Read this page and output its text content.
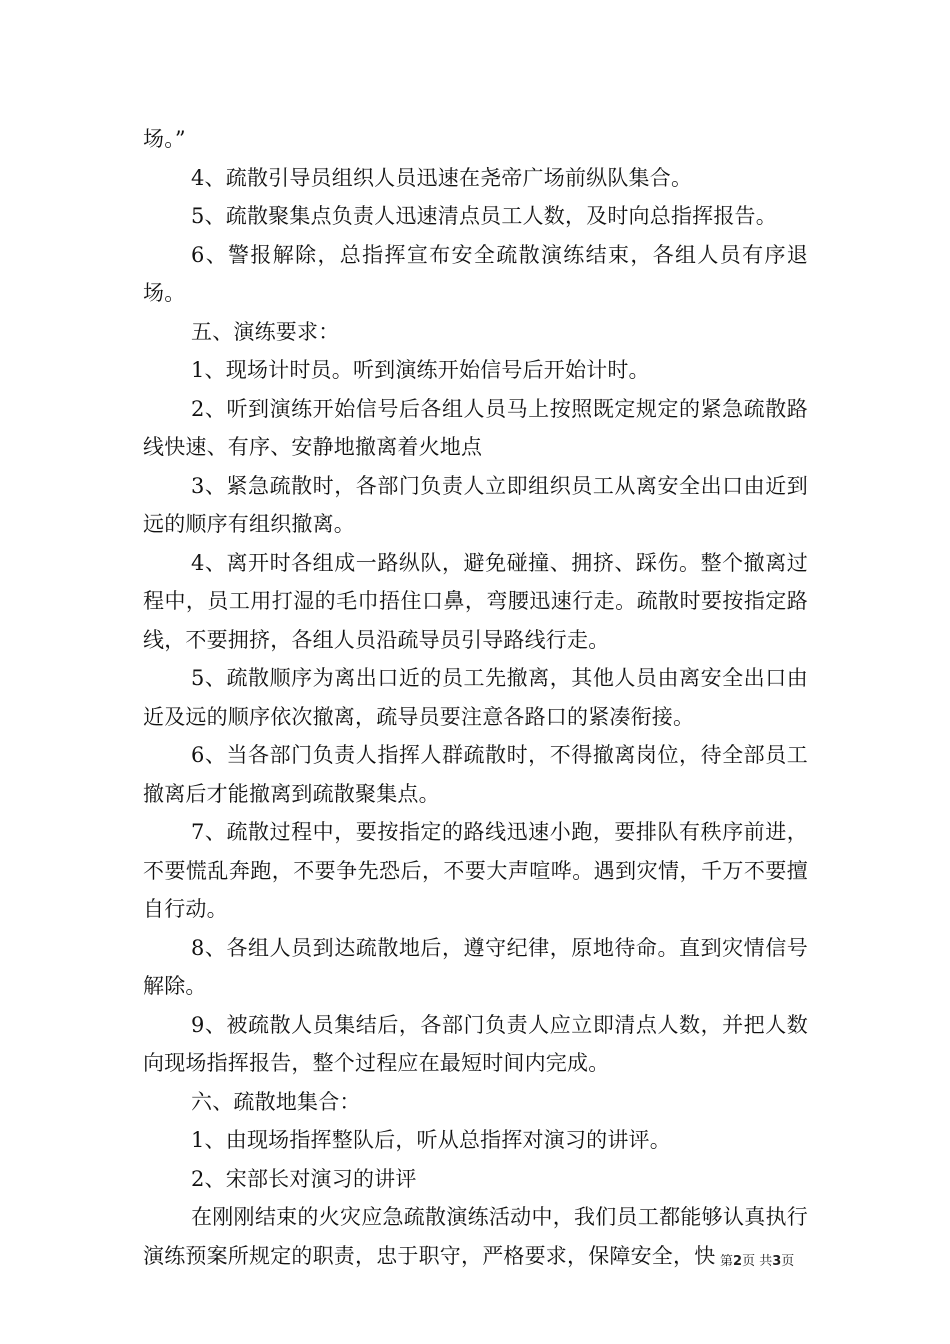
场。”

4、疏散引导员组织人员迅速在尧帝广场前纵队集合。

5、疏散聚集点负责人迅速清点员工人数，及时向总指挥报告。

6、警报解除，总指挥宣布安全疏散演练结束，各组人员有序退场。

五、演练要求：

1、现场计时员。听到演练开始信号后开始计时。

2、听到演练开始信号后各组人员马上按照既定规定的紧急疏散路线快速、有序、安静地撤离着火地点

3、紧急疏散时，各部门负责人立即组织员工从离安全出口由近到远的顺序有组织撤离。

4、离开时各组成一路纵队，避免碰撞、拥挤、踩伤。整个撤离过程中，员工用打湿的毛巾捂住口鼻，弯腰迅速行走。疏散时要按指定路线，不要拥挤，各组人员沿疏导员引导路线行走。

5、疏散顺序为离出口近的员工先撤离，其他人员由离安全出口由近及远的顺序依次撤离，疏导员要注意各路口的紧凑衔接。

6、当各部门负责人指挥人群疏散时，不得撤离岗位，待全部员工撤离后才能撤离到疏散聚集点。

7、疏散过程中，要按指定的路线迅速小跑，要排队有秩序前进，不要慌乱奔跑，不要争先恐后，不要大声喧哗。遇到灾情，千万不要擅自行动。

8、各组人员到达疏散地后，遵守纪律，原地待命。直到灾情信号解除。

9、被疏散人员集结后，各部门负责人应立即清点人数，并把人数向现场指挥报告，整个过程应在最短时间内完成。

六、疏散地集合：

1、由现场指挥整队后，听从总指挥对演习的讲评。

2、宋部长对演习的讲评

在刚刚结束的火灾应急疏散演练活动中，我们员工都能够认真执行演练预案所规定的职责，忠于职守，严格要求，保障安全，快 第2页 共3页
